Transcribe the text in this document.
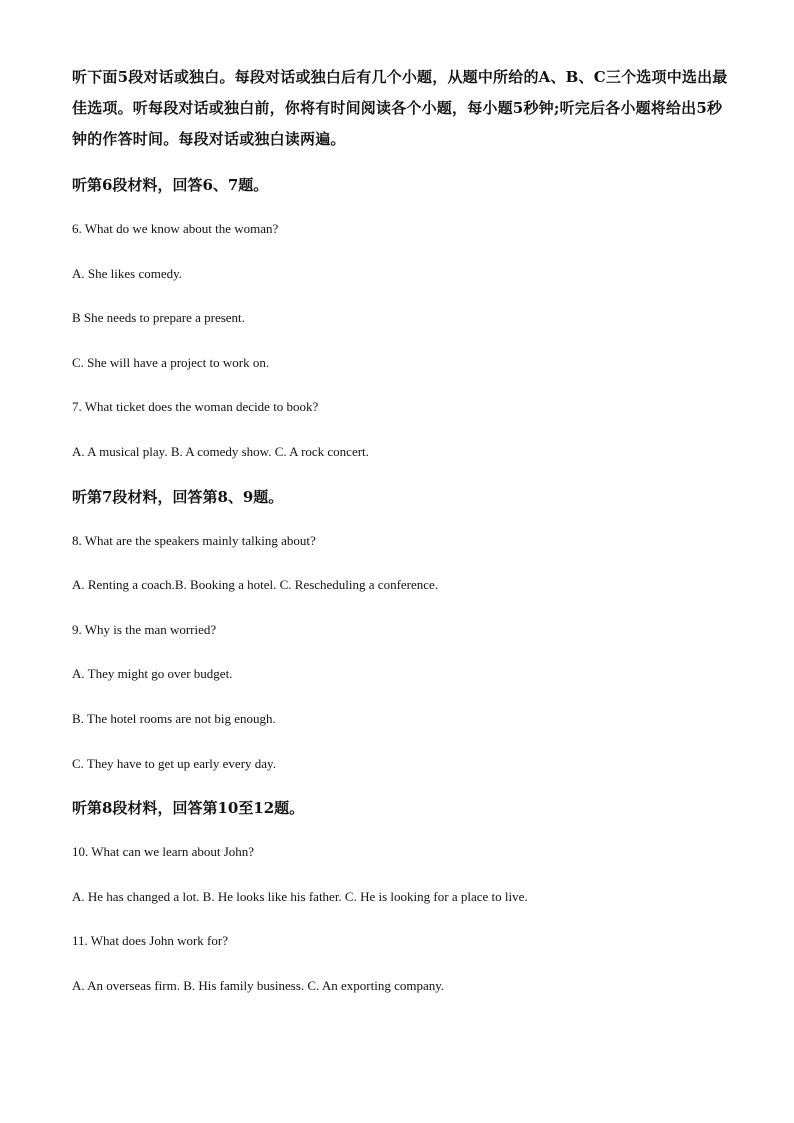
听下面5段对话或独白。每段对话或独白后有几个小题，从题中所给的A、B、C三个选项中选出最佳选项。听每段对话或独白前，你将有时间阅读各个小题，每小题5秒钟;听完后各小题将给出5秒钟的作答时间。每段对话或独白读两遍。

听第6段材料，回答6、7题。

6. What do we know about the woman?

A. She likes comedy.

B She needs to prepare a present.

C. She will have a project to work on.

7. What ticket does the woman decide to book?

A. A musical play. B. A comedy show. C. A rock concert.

听第7段材料，回答第8、9题。

8. What are the speakers mainly talking about?

A. Renting a coach.B. Booking a hotel. C. Rescheduling a conference.

9. Why is the man worried?

A. They might go over budget.

B. The hotel rooms are not big enough.

C. They have to get up early every day.

听第8段材料，回答第10至12题。

10. What can we learn about John?

A. He has changed a lot. B. He looks like his father. C. He is looking for a place to live.

11. What does John work for?

A. An overseas firm. B. His family business. C. An exporting company.
